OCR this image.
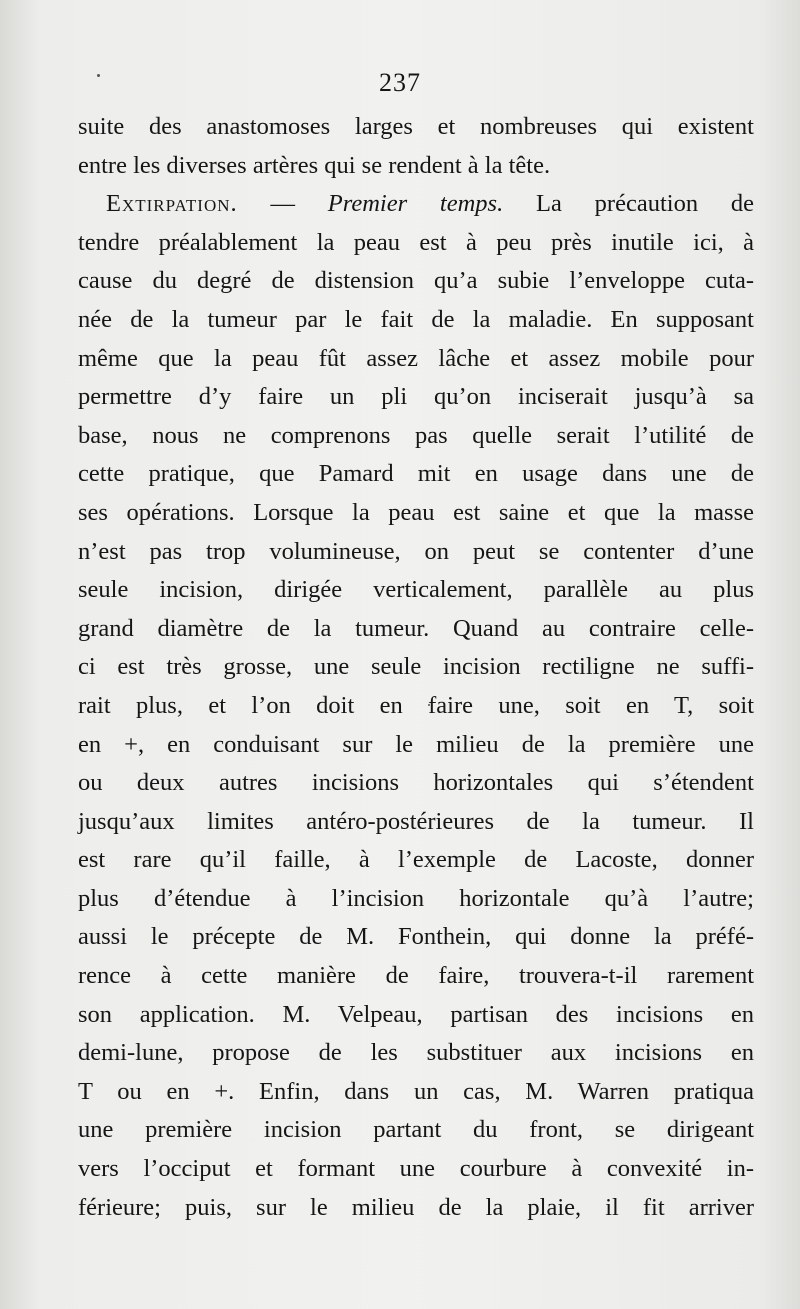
237
suite des anastomoses larges et nombreuses qui existent
entre les diverses artères qui se rendent à la tête.
Extirpation. — Premier temps. La précaution de
tendre préalablement la peau est à peu près inutile ici, à
cause du degré de distension qu’a subie l’enveloppe cuta-
née de la tumeur par le fait de la maladie. En supposant
même que la peau fût assez lâche et assez mobile pour
permettre d’y faire un pli qu’on inciserait jusqu’à sa
base, nous ne comprenons pas quelle serait l’utilité de
cette pratique, que Pamard mit en usage dans une de
ses opérations. Lorsque la peau est saine et que la masse
n’est pas trop volumineuse, on peut se contenter d’une
seule incision, dirigée verticalement, parallèle au plus
grand diamètre de la tumeur. Quand au contraire celle-
ci est très grosse, une seule incision rectiligne ne suffi-
rait plus, et l’on doit en faire une, soit en T, soit
en +, en conduisant sur le milieu de la première une
ou deux autres incisions horizontales qui s’étendent
jusqu’aux limites antéro-postérieures de la tumeur. Il
est rare qu’il faille, à l’exemple de Lacoste, donner
plus d’étendue à l’incision horizontale qu’à l’autre;
aussi le précepte de M. Fonthein, qui donne la préfé-
rence à cette manière de faire, trouvera-t-il rarement
son application. M. Velpeau, partisan des incisions en
demi-lune, propose de les substituer aux incisions en
T ou en +. Enfin, dans un cas, M. Warren pratiqua
une première incision partant du front, se dirigeant
vers l’occiput et formant une courbure à convexité in-
férieure; puis, sur le milieu de la plaie, il fit arriver
